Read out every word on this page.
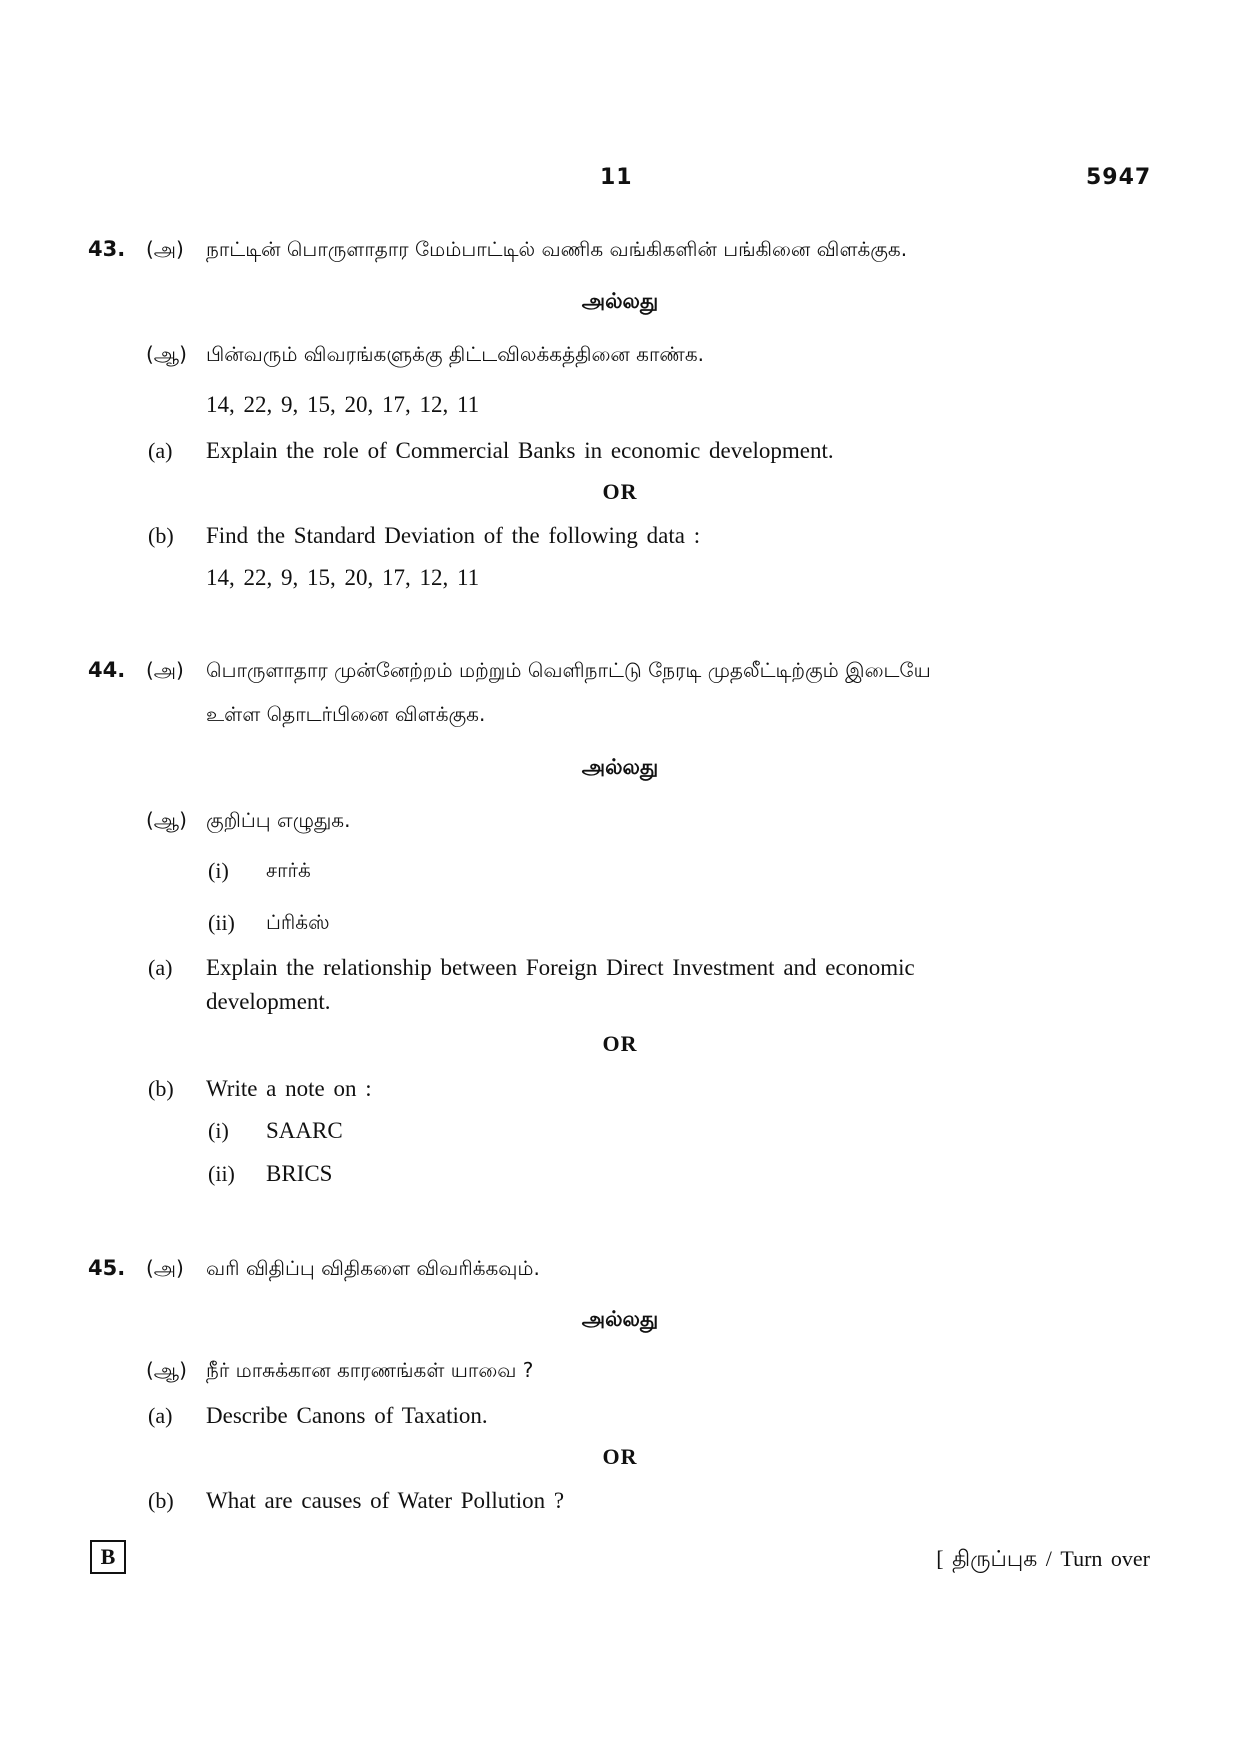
11	5947
43. (அ) நாட்டின் பொருளாதார மேம்பாட்டில் வணிக வங்கிகளின் பங்கினை விளக்குக.
அல்லது
(ஆ) பின்வரும் விவரங்களுக்கு திட்டவிலக்கத்தினை காண்க.
14, 22, 9, 15, 20, 17, 12, 11
(a) Explain the role of Commercial Banks in economic development.
OR
(b) Find the Standard Deviation of the following data :
14, 22, 9, 15, 20, 17, 12, 11
44. (அ) பொருளாதார முன்னேற்றம் மற்றும் வெளிநாட்டு நேரடி முதலீட்டிற்கும் இடையே
உள்ள தொடர்பினை விளக்குக.
அல்லது
(ஆ) குறிப்பு எழுதுக.
(i) சார்க்
(ii) ப்ரிக்ஸ்
(a) Explain the relationship between Foreign Direct Investment and economic
development.
OR
(b) Write a note on :
(i) SAARC
(ii) BRICS
45. (அ) வரி விதிப்பு விதிகளை விவரிக்கவும்.
அல்லது
(ஆ) நீர் மாசுக்கான காரணங்கள் யாவை ?
(a) Describe Canons of Taxation.
OR
(b) What are causes of Water Pollution ?
B	[ திருப்புக / Turn over
